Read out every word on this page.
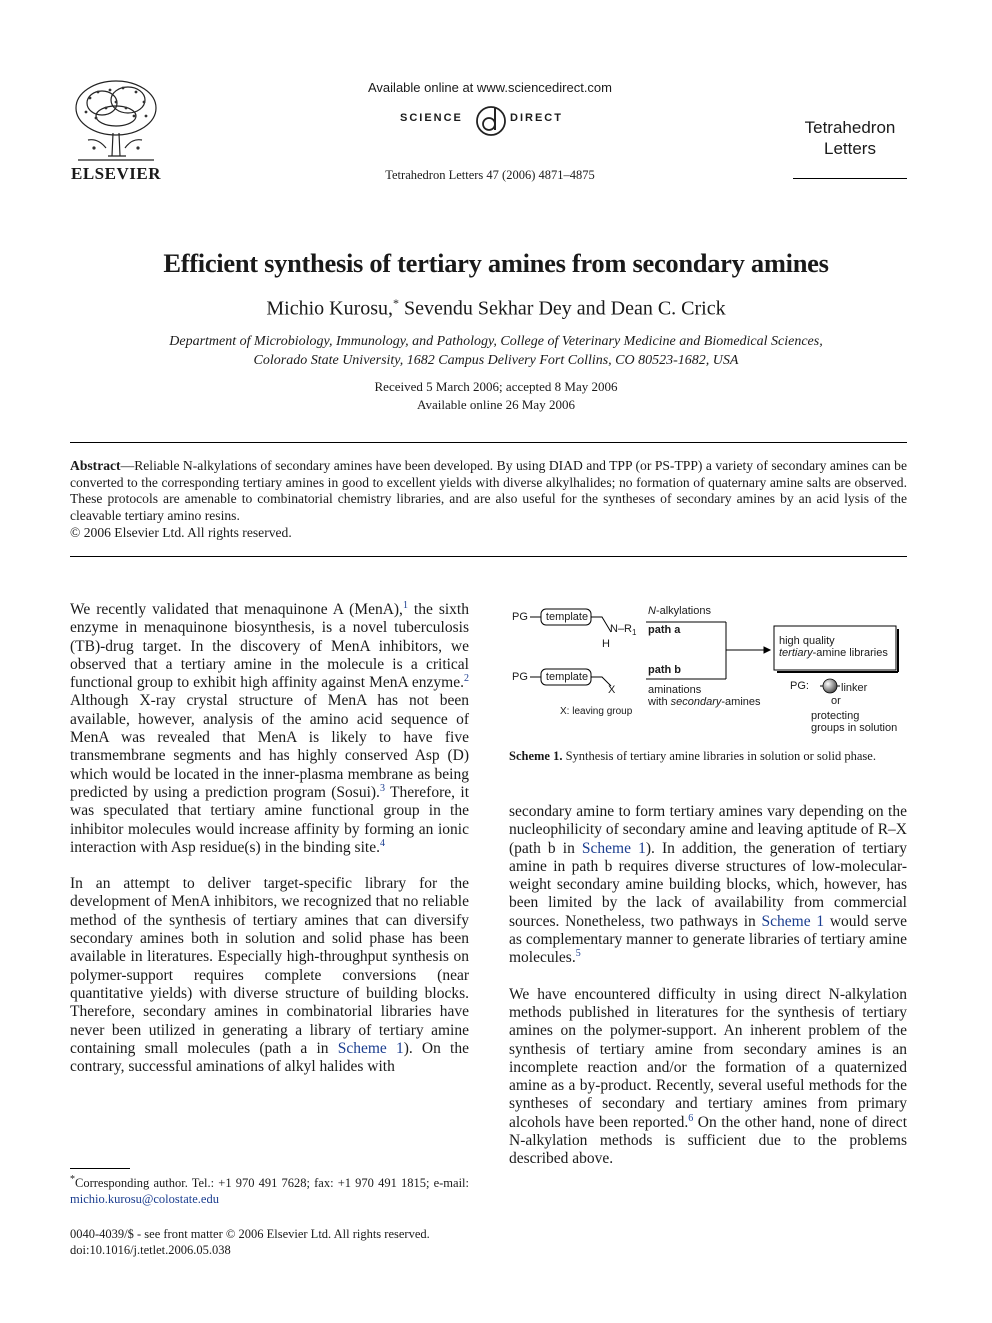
ELSEVIER
Available online at www.sciencedirect.com
SCIENCE	DIRECT
Tetrahedron Letters 47 (2006) 4871–4875
Tetrahedron
Letters
Efficient synthesis of tertiary amines from secondary amines
Michio Kurosu,* Sevendu Sekhar Dey and Dean C. Crick
Department of Microbiology, Immunology, and Pathology, College of Veterinary Medicine and Biomedical Sciences,
Colorado State University, 1682 Campus Delivery Fort Collins, CO 80523-1682, USA
Received 5 March 2006; accepted 8 May 2006
Available online 26 May 2006
Abstract—Reliable N-alkylations of secondary amines have been developed. By using DIAD and TPP (or PS-TPP) a variety of secondary amines can be converted to the corresponding tertiary amines in good to excellent yields with diverse alkylhalides; no formation of quaternary amine salts are observed. These protocols are amenable to combinatorial chemistry libraries, and are also useful for the syntheses of secondary amines by an acid lysis of the cleavable tertiary amino resins.
© 2006 Elsevier Ltd. All rights reserved.

We recently validated that menaquinone A (MenA),$^1$ the sixth enzyme in menaquinone biosynthesis, is a novel tuberculosis (TB)-drug target. In the discovery of MenA inhibitors, we observed that a tertiary amine in the molecule is a critical functional group to exhibit high affinity against MenA enzyme.$^2$ Although X-ray crystal structure of MenA has not been available, however, analysis of the amino acid sequence of MenA was revealed that MenA is likely to have five transmembrane segments and has highly conserved Asp (D) which would be located in the inner-plasma membrane as being predicted by using a prediction program (Sosui).$^3$ Therefore, it was speculated that tertiary amine functional group in the inhibitor molecules would increase affinity by forming an ionic interaction with Asp residue(s) in the binding site.$^4$

In an attempt to deliver target-specific library for the development of MenA inhibitors, we recognized that no reliable method of the synthesis of tertiary amines that can diversify secondary amines both in solution and solid phase has been available in literatures. Especially high-throughput synthesis on polymer-support requires complete conversions (near quantitative yields) with diverse structure of building blocks. Therefore, secondary amines in combinatorial libraries have never been utilized in generating a library of tertiary amine containing small molecules (path a in Scheme 1). On the contrary, successful aminations of alkyl halides with

PG template
$N-R_1$
H
PG template
X
X: leaving group
N-alkylations
path a
path b
aminations
with secondary-amines
high quality
tertiary-amine libraries
PG:	linker
or
protecting
groups in solution
Scheme 1. Synthesis of tertiary amine libraries in solution or solid phase.

secondary amine to form tertiary amines vary depending on the nucleophilicity of secondary amine and leaving aptitude of R–X (path b in Scheme 1). In addition, the generation of tertiary amine in path b requires diverse structures of low-molecular-weight secondary amine building blocks, which, however, has been limited by the lack of availability from commercial sources. Nonetheless, two pathways in Scheme 1 would serve as complementary manner to generate libraries of tertiary amine molecules.$^5$

We have encountered difficulty in using direct N-alkylation methods published in literatures for the synthesis of tertiary amines on the polymer-support. An inherent problem of the synthesis of tertiary amine from secondary amines is an incomplete reaction and/or the formation of a quaternized amine as a by-product. Recently, several useful methods for the syntheses of secondary and tertiary amines from primary alcohols have been reported.$^6$ On the other hand, none of direct N-alkylation methods is sufficient due to the problems described above.

*Corresponding author. Tel.: +1 970 491 7628; fax: +1 970 491 1815; e-mail: michio.kurosu@colostate.edu
0040-4039/$ - see front matter © 2006 Elsevier Ltd. All rights reserved.
doi:10.1016/j.tetlet.2006.05.038
